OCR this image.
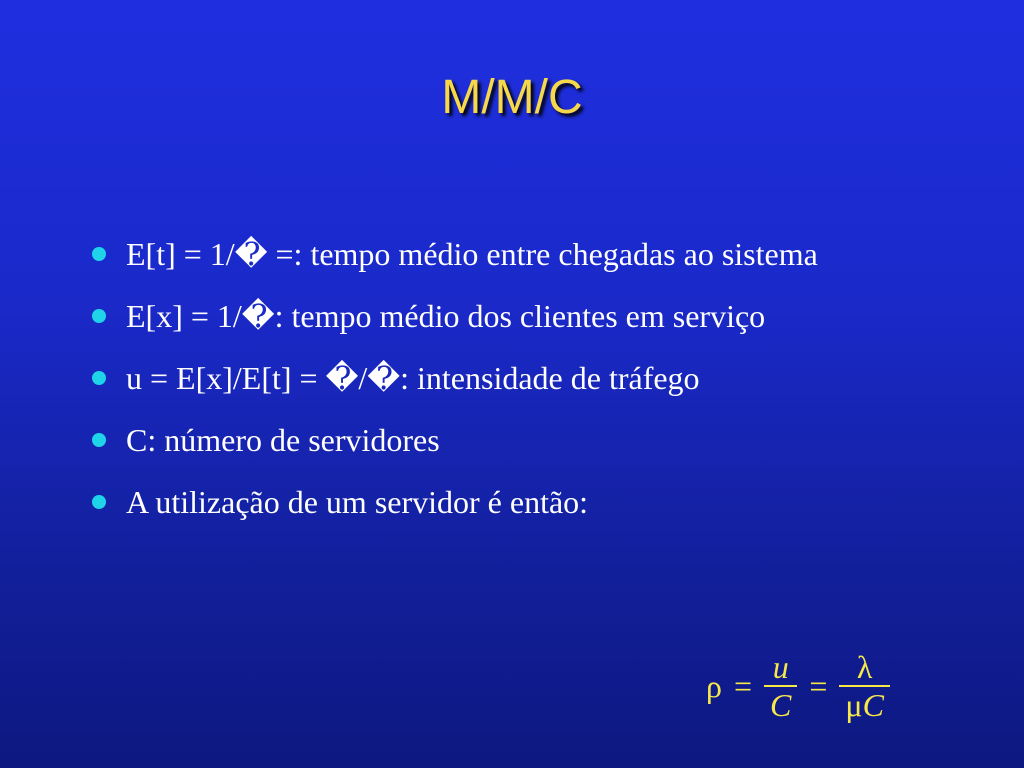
M/M/C
E[t] = 1/� =: tempo médio entre chegadas ao sistema
E[x] = 1/�: tempo médio dos clientes em serviço
u = E[x]/E[t] = �/�: intensidade de tráfego
C: número de servidores
A utilização de um servidor é então:
$\rho = \frac{u}{C} = \frac{\lambda}{\mu C}$
